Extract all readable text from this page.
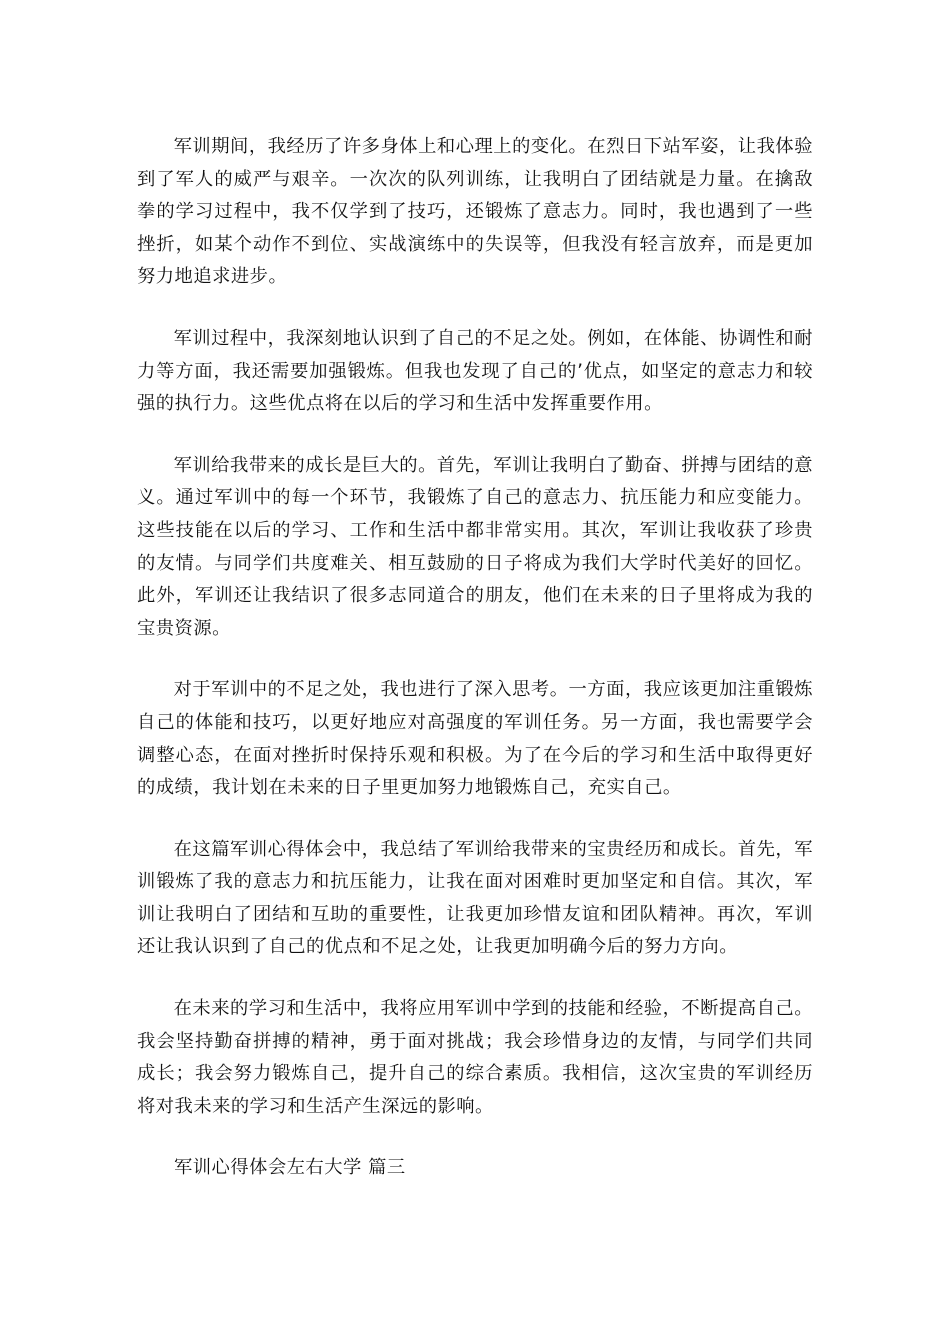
军训期间，我经历了许多身体上和心理上的变化。在烈日下站军姿，让我体验到了军人的威严与艰辛。一次次的队列训练，让我明白了团结就是力量。在擒敌拳的学习过程中，我不仅学到了技巧，还锻炼了意志力。同时，我也遇到了一些挫折，如某个动作不到位、实战演练中的失误等，但我没有轻言放弃，而是更加努力地追求进步。

军训过程中，我深刻地认识到了自己的不足之处。例如，在体能、协调性和耐力等方面，我还需要加强锻炼。但我也发现了自己的’优点，如坚定的意志力和较强的执行力。这些优点将在以后的学习和生活中发挥重要作用。

军训给我带来的成长是巨大的。首先，军训让我明白了勤奋、拼搏与团结的意义。通过军训中的每一个环节，我锻炼了自己的意志力、抗压能力和应变能力。这些技能在以后的学习、工作和生活中都非常实用。其次，军训让我收获了珍贵的友情。与同学们共度难关、相互鼓励的日子将成为我们大学时代美好的回忆。此外，军训还让我结识了很多志同道合的朋友，他们在未来的日子里将成为我的宝贵资源。

对于军训中的不足之处，我也进行了深入思考。一方面，我应该更加注重锻炼自己的体能和技巧，以更好地应对高强度的军训任务。另一方面，我也需要学会调整心态，在面对挫折时保持乐观和积极。为了在今后的学习和生活中取得更好的成绩，我计划在未来的日子里更加努力地锻炼自己，充实自己。

在这篇军训心得体会中，我总结了军训给我带来的宝贵经历和成长。首先，军训锻炼了我的意志力和抗压能力，让我在面对困难时更加坚定和自信。其次，军训让我明白了团结和互助的重要性，让我更加珍惜友谊和团队精神。再次，军训还让我认识到了自己的优点和不足之处，让我更加明确今后的努力方向。

在未来的学习和生活中，我将应用军训中学到的技能和经验，不断提高自己。我会坚持勤奋拼搏的精神，勇于面对挑战；我会珍惜身边的友情，与同学们共同成长；我会努力锻炼自己，提升自己的综合素质。我相信，这次宝贵的军训经历将对我未来的学习和生活产生深远的影响。

军训心得体会左右大学 篇三
